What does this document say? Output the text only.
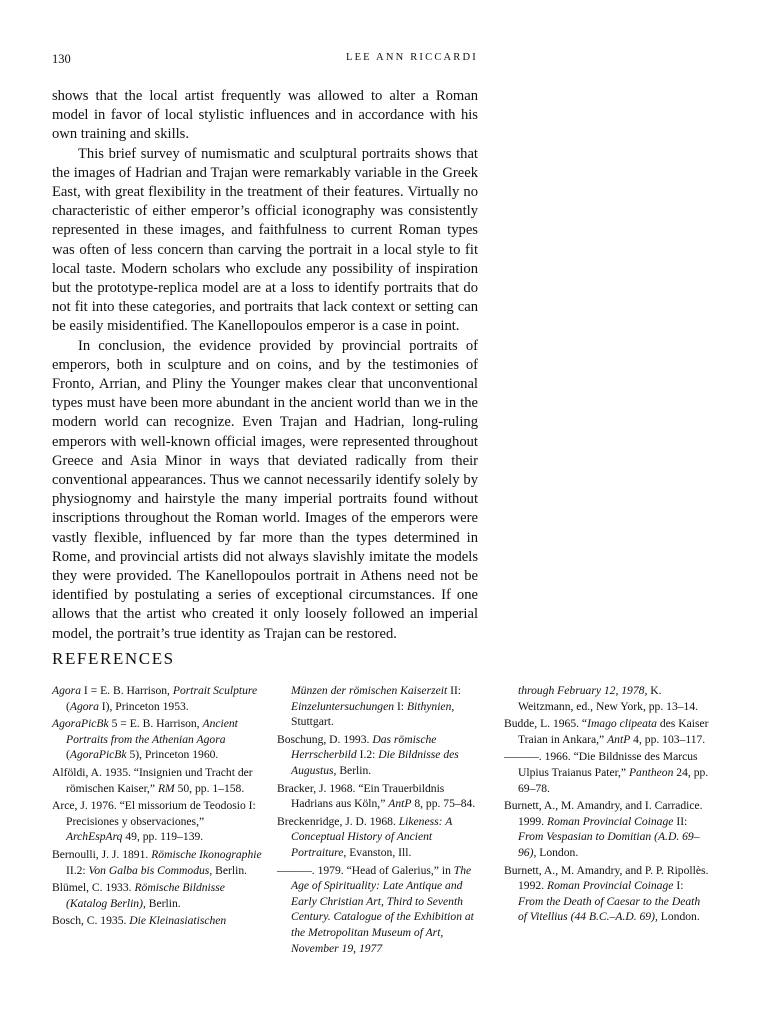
130	LEE ANN RICCARDI

shows that the local artist frequently was allowed to alter a Roman model in favor of local stylistic influences and in accordance with his own training and skills.

This brief survey of numismatic and sculptural portraits shows that the images of Hadrian and Trajan were remarkably variable in the Greek East, with great flexibility in the treatment of their features. Virtually no characteristic of either emperor’s official iconography was consistently represented in these images, and faithfulness to current Roman types was often of less concern than carving the portrait in a local style to fit local taste. Modern scholars who exclude any possibility of inspiration but the prototype-replica model are at a loss to identify portraits that do not fit into these categories, and portraits that lack context or setting can be easily misidentified. The Kanellopoulos emperor is a case in point.

In conclusion, the evidence provided by provincial portraits of emperors, both in sculpture and on coins, and by the testimonies of Fronto, Arrian, and Pliny the Younger makes clear that unconventional types must have been more abundant in the ancient world than we in the modern world can recognize. Even Trajan and Hadrian, long-ruling emperors with well-known official images, were represented throughout Greece and Asia Minor in ways that deviated radically from their conventional appearances. Thus we cannot necessarily identify solely by physiognomy and hairstyle the many imperial portraits found without inscriptions throughout the Roman world. Images of the emperors were vastly flexible, influenced by far more than the types determined in Rome, and provincial artists did not always slavishly imitate the models they were provided. The Kanellopoulos portrait in Athens need not be identified by postulating a series of exceptional circumstances. If one allows that the artist who created it only loosely followed an imperial model, the portrait’s true identity as Trajan can be restored.

REFERENCES

Agora I = E. B. Harrison, Portrait Sculpture (Agora I), Princeton 1953.

AgoraPicBk 5 = E. B. Harrison, Ancient Portraits from the Athenian Agora (AgoraPicBk 5), Princeton 1960.

Alföldi, A. 1935. “Insignien und Tracht der römischen Kaiser,” RM 50, pp. 1–158.

Arce, J. 1976. “El missorium de Teodosio I: Precisiones y observaciones,” ArchEspArq 49, pp. 119–139.

Bernoulli, J. J. 1891. Römische Ikonographie II.2: Von Galba bis Commodus, Berlin.

Blümel, C. 1933. Römische Bildnisse (Katalog Berlin), Berlin.

Bosch, C. 1935. Die Kleinasiatischen

Münzen der römischen Kaiserzeit II: Einzeluntersuchungen I: Bithynien, Stuttgart.

Boschung, D. 1993. Das römische Herrscherbild I.2: Die Bildnisse des Augustus, Berlin.

Bracker, J. 1968. “Ein Trauerbildnis Hadrians aus Köln,” AntP 8, pp. 75–84.

Breckenridge, J. D. 1968. Likeness: A Conceptual History of Ancient Portraiture, Evanston, Ill.

———. 1979. “Head of Galerius,” in The Age of Spirituality: Late Antique and Early Christian Art, Third to Seventh Century. Catalogue of the Exhibition at the Metropolitan Museum of Art, November 19, 1977

through February 12, 1978, K. Weitzmann, ed., New York, pp. 13–14.

Budde, L. 1965. “Imago clipeata des Kaiser Traian in Ankara,” AntP 4, pp. 103–117.

———. 1966. “Die Bildnisse des Marcus Ulpius Traianus Pater,” Pantheon 24, pp. 69–78.

Burnett, A., M. Amandry, and I. Carradice. 1999. Roman Provincial Coinage II: From Vespasian to Domitian (A.D. 69–96), London.

Burnett, A., M. Amandry, and P. P. Ripollès. 1992. Roman Provincial Coinage I: From the Death of Caesar to the Death of Vitellius (44 B.C.–A.D. 69), London.
